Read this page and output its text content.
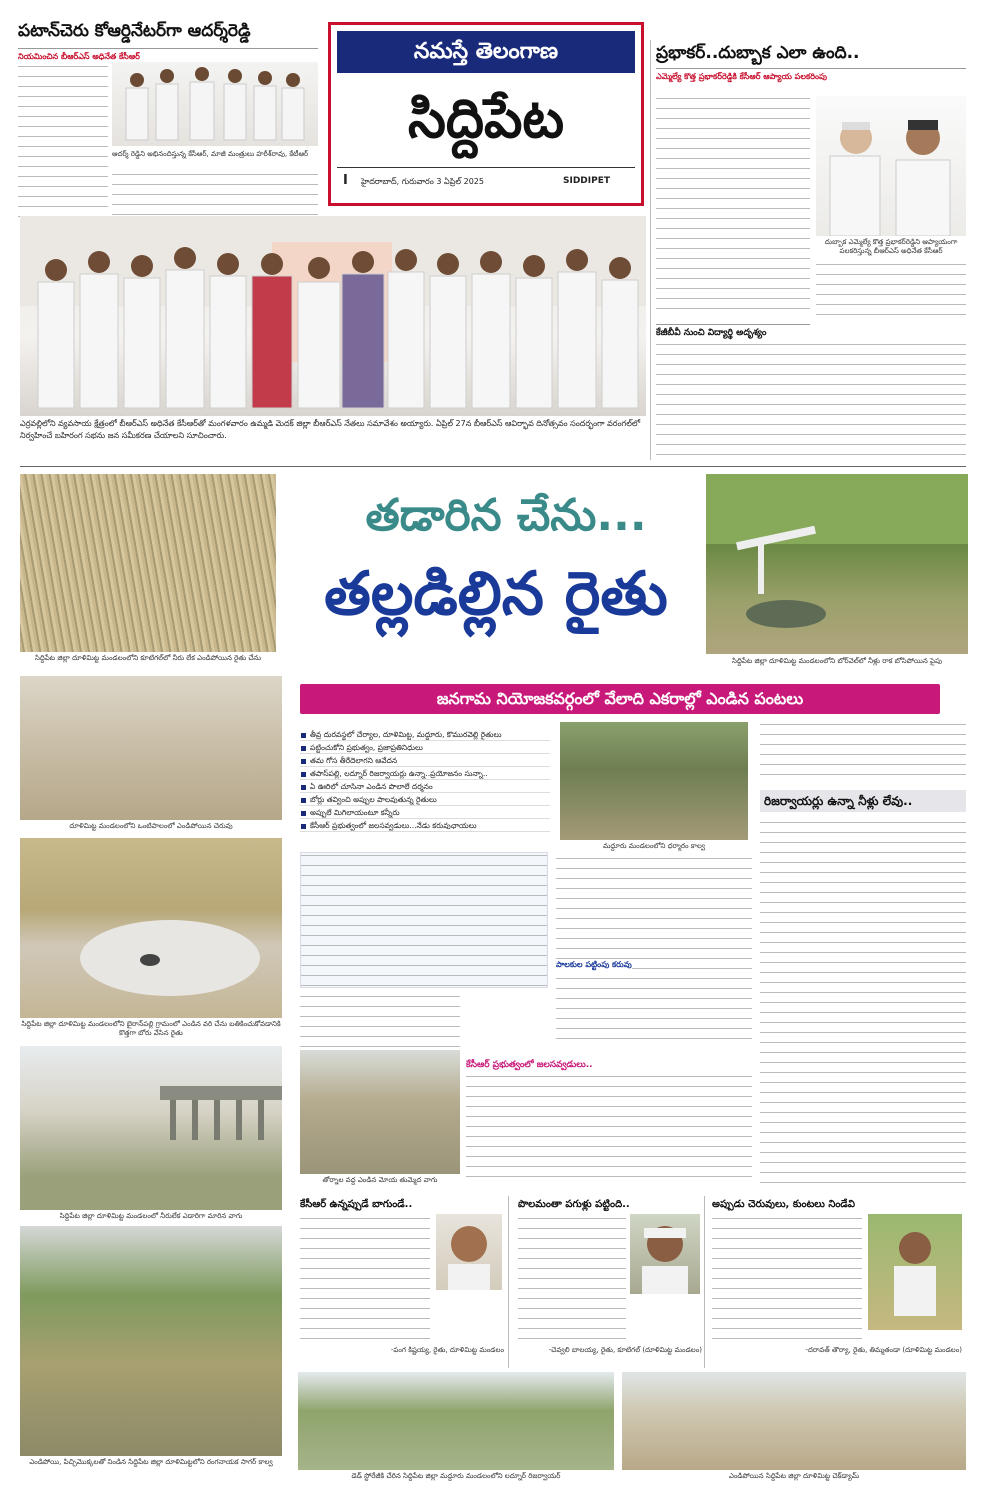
పటాన్‌చెరు కోఆర్డినేటర్‌గా ఆదర్శ్‌రెడ్డి
నియమించిన బీఆర్ఎస్ అధినేత కేసీఆర్
ఆదర్శ్ రెడ్డిని అభినందిస్తున్న కేసీఆర్, మాజీ మంత్రులు హరీశ్‌రావు, కేటీఆర్
నమస్తే తెలంగాణ
సిద్దిపేట
I హైదరాబాద్, గురువారం 3 ఏప్రిల్ 2025	SIDDIPET
ప్రభాకర్..దుబ్బాక ఎలా ఉంది..
ఎమ్మెల్యే కొత్త ప్రభాకర్‌రెడ్డికి కేసీఆర్ ఆప్యాయ పలకరింపు
దుబ్బాక ఎమ్మెల్యే కొత్త ప్రభాకర్‌రెడ్డిని ఆప్యాయంగా పలకరిస్తున్న బీఆర్ఎస్ అధినేత కేసీఆర్
కేజీబీవీ నుంచి విద్యార్థి అదృశ్యం
ఎర్రవల్లిలోని వ్యవసాయ క్షేత్రంలో బీఆర్ఎస్ అధినేత కేసీఆర్‌తో మంగళవారం ఉమ్మడి మెదక్ జిల్లా బీఆర్ఎస్ నేతలు సమావేశం అయ్యారు. ఏప్రిల్ 27న బీఆర్ఎస్ ఆవిర్భావ దినోత్సవం సందర్భంగా వరంగల్‌లో నిర్వహించే బహిరంగ సభను జన సమీకరణ చేయాలని సూచించారు.
తడారిన చేను...
తల్లడిల్లిన రైతు
సిద్దిపేట జిల్లా దూళిమిట్ట మండలంలోని కూటిగల్‌లో నీరు లేక ఎండిపోయిన రైతు చేను	సిద్దిపేట జిల్లా దూళిమిట్ట మండలంలోని బోర్‌వెల్‌లో నీళ్లు రాక బోసిపోయిన పైపు
జనగామ నియోజకవర్గంలో వేలాది ఎకరాల్లో ఎండిన పంటలు
దూళిమిట్ట మండలంలోని ఒంటిపాలంలో ఎండిపోయిన చెరువు
సిద్దిపేట జిల్లా దూళిమిట్ట మండలంలోని బైరాన్‌పల్లి గ్రామంలో ఎండిన వరి చేను బతికించుకోవడానికి కొత్తగా బోరు వేసిన రైతు
సిద్దిపేట జిల్లా దూళిమిట్ట మండలంలో నీరులేక ఎడారిగా మారిన వాగు
ఎండిపోయి, పిచ్చిమొక్కలతో నిండిన సిద్దిపేట జిల్లా దూళిమిట్టలోని రంగనాయక సాగర్ కాల్వ
తీవ్ర దురవస్థలో చేర్యాల, దూళిమిట్ట, మద్దూరు, కొమురవెల్లి రైతులు
పట్టించుకోని ప్రభుత్వం, ప్రజాప్రతినిధులు
తమ గోస తీరేదెలాగని ఆవేదన
తపాస్‌పల్లి, లద్నూర్ రిజర్వాయర్లు ఉన్నా..ప్రయోజనం సున్నా..
ఏ ఊరిలో చూసినా ఎండిన పొలాలే దర్శనం
బోర్లు తవ్వించి అప్పుల పాలవుతున్న రైతులు
అప్పులే మిగిలాయంటూ కన్నీరు
కేసీఆర్ ప్రభుత్వంలో జలసవ్వడులు...నేడు కరువుఛాయలు
మద్దూరు మండలంలోని ధర్మారం కాల్వ
రిజర్వాయర్లు ఉన్నా నీళ్లు లేవు..
పాలకుల పట్టింపు కరువు
తోర్నాల వద్ద ఎండిన మోయ తుమ్మెద వాగు
కేసీఆర్ ప్రభుత్వంలో జలసవ్వడులు..
కేసీఆర్ ఉన్నప్పుడే బాగుండే..
-పంగ కిష్టయ్య, రైతు, దూళిమిట్ట మండలం
పొలమంతా పగుళ్లు పట్టింది..
-చెవ్వలి బాలయ్య, రైతు, కూటిగల్ (దూళిమిట్ట మండలం)
అప్పుడు చెరువులు, కుంటలు నిండేవి
-దరావత్ తౌర్యా, రైతు, తిమ్మతండా (దూళిమిట్ట మండలం)
డెడ్ స్టోరేజీకి చేరిన సిద్దిపేట జిల్లా మద్దూరు మండలంలోని లద్నూర్ రిజర్వాయర్	ఎండిపోయిన సిద్దిపేట జిల్లా దూళిమిట్ట చెక్‌డ్యామ్
